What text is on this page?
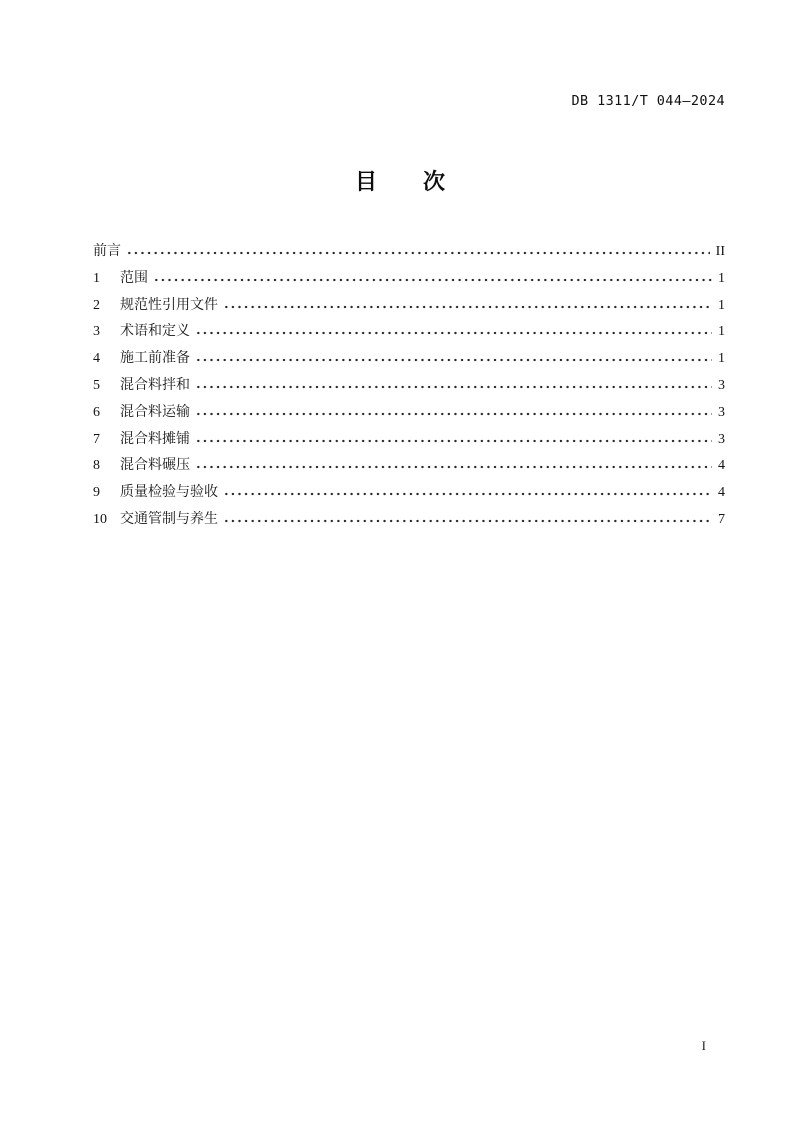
DB 1311/T 044—2024
目 次
前言	II
1	范围	1
2	规范性引用文件	1
3	术语和定义	1
4	施工前准备	1
5	混合料拌和	3
6	混合料运输	3
7	混合料摊铺	3
8	混合料碾压	4
9	质量检验与验收	4
10 交通管制与养生	7
I
